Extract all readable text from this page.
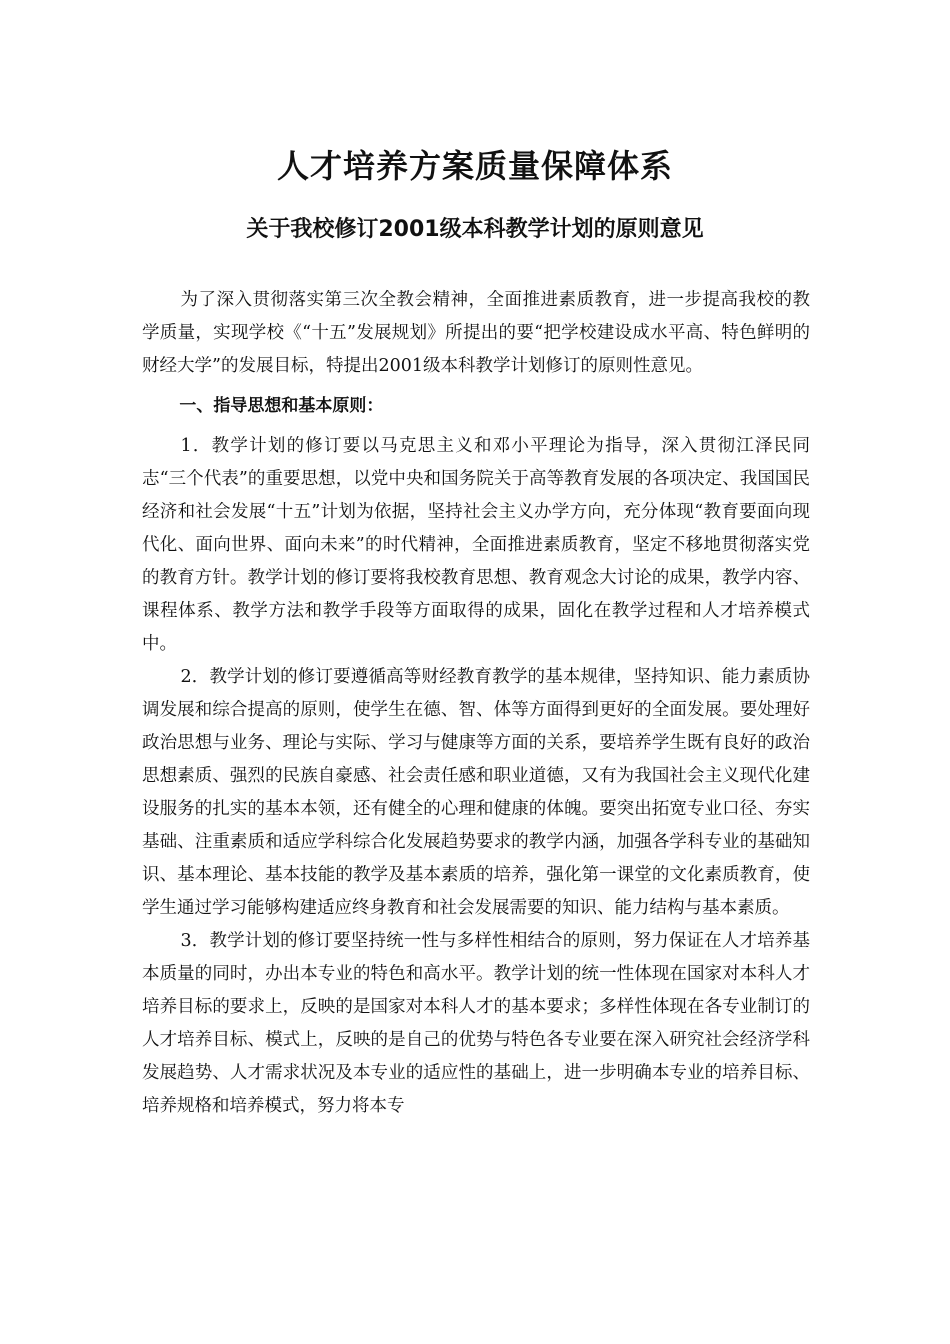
人才培养方案质量保障体系
关于我校修订2001级本科教学计划的原则意见

为了深入贯彻落实第三次全教会精神，全面推进素质教育，进一步提高我校的教学质量，实现学校《“十五”发展规划》所提出的要“把学校建设成水平高、特色鲜明的财经大学”的发展目标，特提出2001级本科教学计划修订的原则性意见。

一、指导思想和基本原则：

1．教学计划的修订要以马克思主义和邓小平理论为指导，深入贯彻江泽民同志“三个代表”的重要思想，以党中央和国务院关于高等教育发展的各项决定、我国国民经济和社会发展“十五”计划为依据，坚持社会主义办学方向，充分体现“教育要面向现代化、面向世界、面向未来”的时代精神，全面推进素质教育，坚定不移地贯彻落实党的教育方针。教学计划的修订要将我校教育思想、教育观念大讨论的成果，教学内容、课程体系、教学方法和教学手段等方面取得的成果，固化在教学过程和人才培养模式中。

2．教学计划的修订要遵循高等财经教育教学的基本规律，坚持知识、能力素质协调发展和综合提高的原则，使学生在德、智、体等方面得到更好的全面发展。要处理好政治思想与业务、理论与实际、学习与健康等方面的关系，要培养学生既有良好的政治思想素质、强烈的民族自豪感、社会责任感和职业道德，又有为我国社会主义现代化建设服务的扎实的基本本领，还有健全的心理和健康的体魄。要突出拓宽专业口径、夯实基础、注重素质和适应学科综合化发展趋势要求的教学内涵，加强各学科专业的基础知识、基本理论、基本技能的教学及基本素质的培养，强化第一课堂的文化素质教育，使学生通过学习能够构建适应终身教育和社会发展需要的知识、能力结构与基本素质。

3．教学计划的修订要坚持统一性与多样性相结合的原则，努力保证在人才培养基本质量的同时，办出本专业的特色和高水平。教学计划的统一性体现在国家对本科人才培养目标的要求上，反映的是国家对本科人才的基本要求；多样性体现在各专业制订的人才培养目标、模式上，反映的是自己的优势与特色各专业要在深入研究社会经济学科发展趋势、人才需求状况及本专业的适应性的基础上，进一步明确本专业的培养目标、培养规格和培养模式，努力将本专
